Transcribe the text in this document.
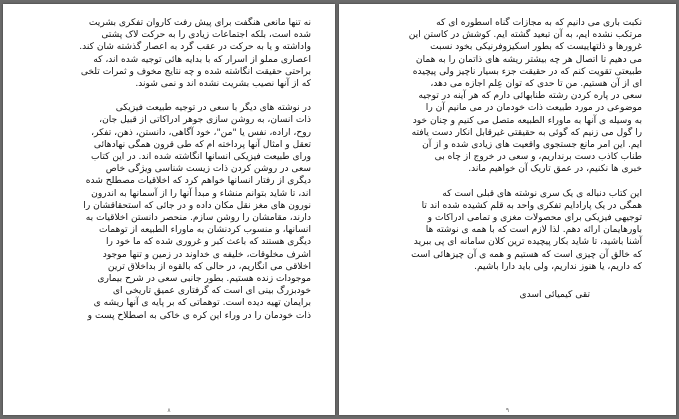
نه تنها مانعی هنگفت برای پیش رفت کاروان تفکری بشریت
شده است، بلکه اجتماعات زیادی را به حرکت لاک پشتی
واداشته و یا به حرکت در عقب گرد به اعصار گذشته شان کند.
اعصاری مملو از اسرار که با بدایه هائی توجیه شده اند، که
براحتی حقیقت انگاشته شده و چه نتایج مخوف و ثمرات تلخی
که از آنها نصیب بشریت نشده اند و نمی شوند.
در نوشته های دیگر با سعی در توجیه طبیعت فیزیکی
ذات انسان، به روشن سازی جوهر ادراکاتی از قبیل جان،
روح، اراده، نفس یا "من"، خود آگاهی، دانستن، ذهن، تفکر،
تعقل و امثال آنها پرداخته ام که طی قرون همگی نهادهائی
ورای طبیعت فیزیکی انسانها انگاشته شده اند. در این کتاب
سعی در روشن کردن ذات زیست شناسی ویژگی خاص
دیگری از رفتار انسانها خواهم کرد که اخلاقیات مصطلح شده
اند، تا شاید بتوانم منشاء و مبدأ آنها را از آسمانها به اندرون
نورون های مغز نقل مکان داده و در جائی که استحقاقشان را
دارند، مقامشان را روشن سازم. منحصر دانستن اخلاقیات به
انسانها، و منسوب کردنشان به ماوراء الطبیعه از توهمات
دیگری هستند که باعث کبر و غروری شده که ما خود را
اشرف مخلوقات، خلیفه ی خداوند در زمین و تنها موجود
اخلاقی می انگاریم، در حالی که بالقوه از بداخلاق ترین
موجودات زنده هستیم. بطور جانبی سعی در شرح بیماری
خودبزرگ بینی ای است که گرفتاری عمیق تاریخی ای
برایمان تهیه دیده است. توهماتی که بر پایه ی آنها ریشه ی
ذات خودمان را در وراء این کره ی خاکی به اصطلاح پست و
۸
نکبت باری می دانیم که به مجازات گناه اسطوره ای که
مرتکب نشده ایم، به آن تبعید گشته ایم. کوشش در کاستن این
غرورها و ذلتهاییست که بطور اسکیزوفرنیکی بخود نسبت
می دهیم تا اتصال هر چه بیشتر ریشه های ذاتمان را به همان
طبیعتی تقویت کنم که در حقیقت جزء بسیار ناچیز ولی پیچیده
ای از آن هستیم. من تا حدی که توان عِلم اجازه می دهد،
سعی در پاره کردن رشته طنابهائی دارم که هر آینه در توجیه
موضوعی در مورد طبیعت ذات خودمان در می مانیم آن را
به وسیله ی آنها به ماوراء الطبیعه متصل می کنیم و چنان خود
را گول می زنیم که گوئی به حقیقتی غیرقابل انکار دست یافته
ایم. این امر مانع جستجوی واقعیت های زیادی شده و از آن
طناب کاذب دست برنداریم، و سعی در خروج از چاه بی
خبری ها نکنیم، در عمق تاریک آن خواهیم ماند.
این کتاب دنباله ی یک سری نوشته های قبلی است که
همگی در یک پارادایم تفکری واحد به قلم کشیده شده اند تا
توجیهی فیزیکی برای محصولات مغزی و تمامی ادراکات و
باورهایمان ارائه دهم. لذا لازم است که با همه ی نوشته ها
آشنا باشید، تا شاید بکار پیچیده ترین کلان سامانه ای پی ببرید
که خالق آن چیزی است که هستیم و همه ی آن چیزهائی است
که داریم، یا هنوز نداریم، ولی باید دارا باشیم.
تقی کیمیائی اسدی
۹
